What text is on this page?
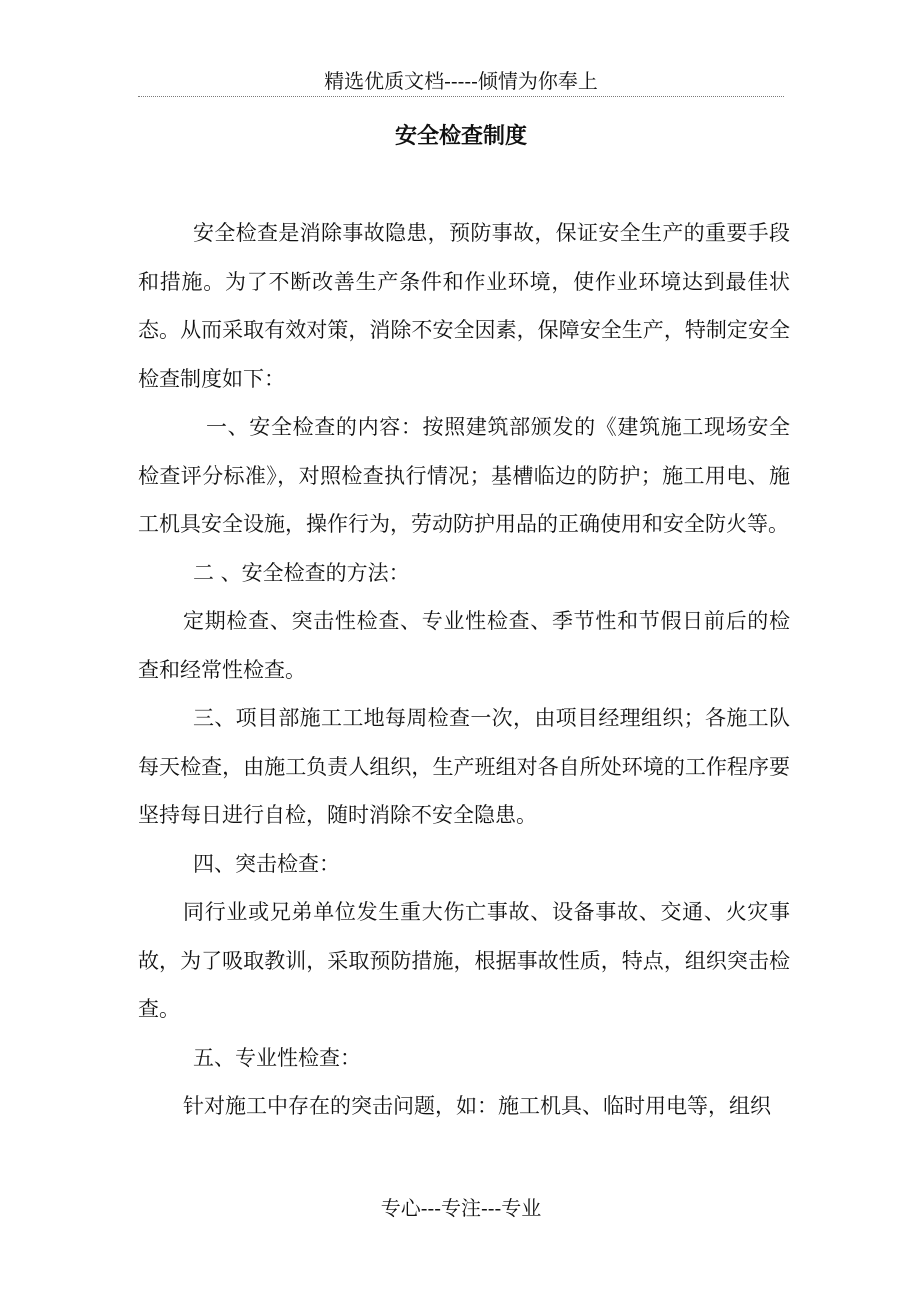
精选优质文档-----倾情为你奉上
安全检查制度

安全检查是消除事故隐患，预防事故，保证安全生产的重要手段和措施。为了不断改善生产条件和作业环境，使作业环境达到最佳状态。从而采取有效对策，消除不安全因素，保障安全生产，特制定安全检查制度如下：

一、安全检查的内容：按照建筑部颁发的《建筑施工现场安全检查评分标准》，对照检查执行情况；基槽临边的防护；施工用电、施工机具安全设施，操作行为，劳动防护用品的正确使用和安全防火等。

二 、安全检查的方法：

定期检查、突击性检查、专业性检查、季节性和节假日前后的检查和经常性检查。

三、项目部施工工地每周检查一次，由项目经理组织；各施工队每天检查，由施工负责人组织，生产班组对各自所处环境的工作程序要坚持每日进行自检，随时消除不安全隐患。

四、突击检查：

同行业或兄弟单位发生重大伤亡事故、设备事故、交通、火灾事故，为了吸取教训，采取预防措施，根据事故性质，特点，组织突击检查。

五、专业性检查：

针对施工中存在的突击问题，如：施工机具、临时用电等，组织

专心---专注---专业
